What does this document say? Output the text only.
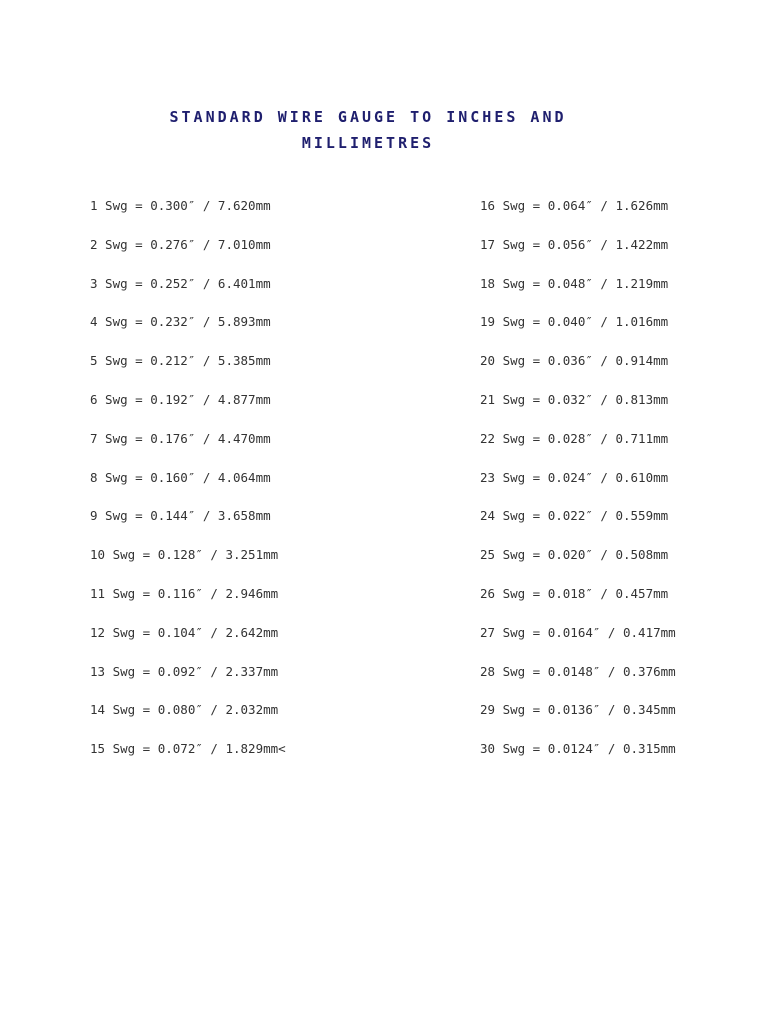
STANDARD WIRE GAUGE TO INCHES AND
MILLIMETRES
1 Swg = 0.300″ / 7.620mm
2 Swg = 0.276″ / 7.010mm
3 Swg = 0.252″ / 6.401mm
4 Swg = 0.232″ / 5.893mm
5 Swg = 0.212″ / 5.385mm
6 Swg = 0.192″ / 4.877mm
7 Swg = 0.176″ / 4.470mm
8 Swg = 0.160″ / 4.064mm
9 Swg = 0.144″ / 3.658mm
10 Swg = 0.128″ / 3.251mm
11 Swg = 0.116″ / 2.946mm
12 Swg = 0.104″ / 2.642mm
13 Swg = 0.092″ / 2.337mm
14 Swg = 0.080″ / 2.032mm
15 Swg = 0.072″ / 1.829mm<
16 Swg = 0.064″ / 1.626mm
17 Swg = 0.056″ / 1.422mm
18 Swg = 0.048″ / 1.219mm
19 Swg = 0.040″ / 1.016mm
20 Swg = 0.036″ / 0.914mm
21 Swg = 0.032″ / 0.813mm
22 Swg = 0.028″ / 0.711mm
23 Swg = 0.024″ / 0.610mm
24 Swg = 0.022″ / 0.559mm
25 Swg = 0.020″ / 0.508mm
26 Swg = 0.018″ / 0.457mm
27 Swg = 0.0164″ / 0.417mm
28 Swg = 0.0148″ / 0.376mm
29 Swg = 0.0136″ / 0.345mm
30 Swg = 0.0124″ / 0.315mm
